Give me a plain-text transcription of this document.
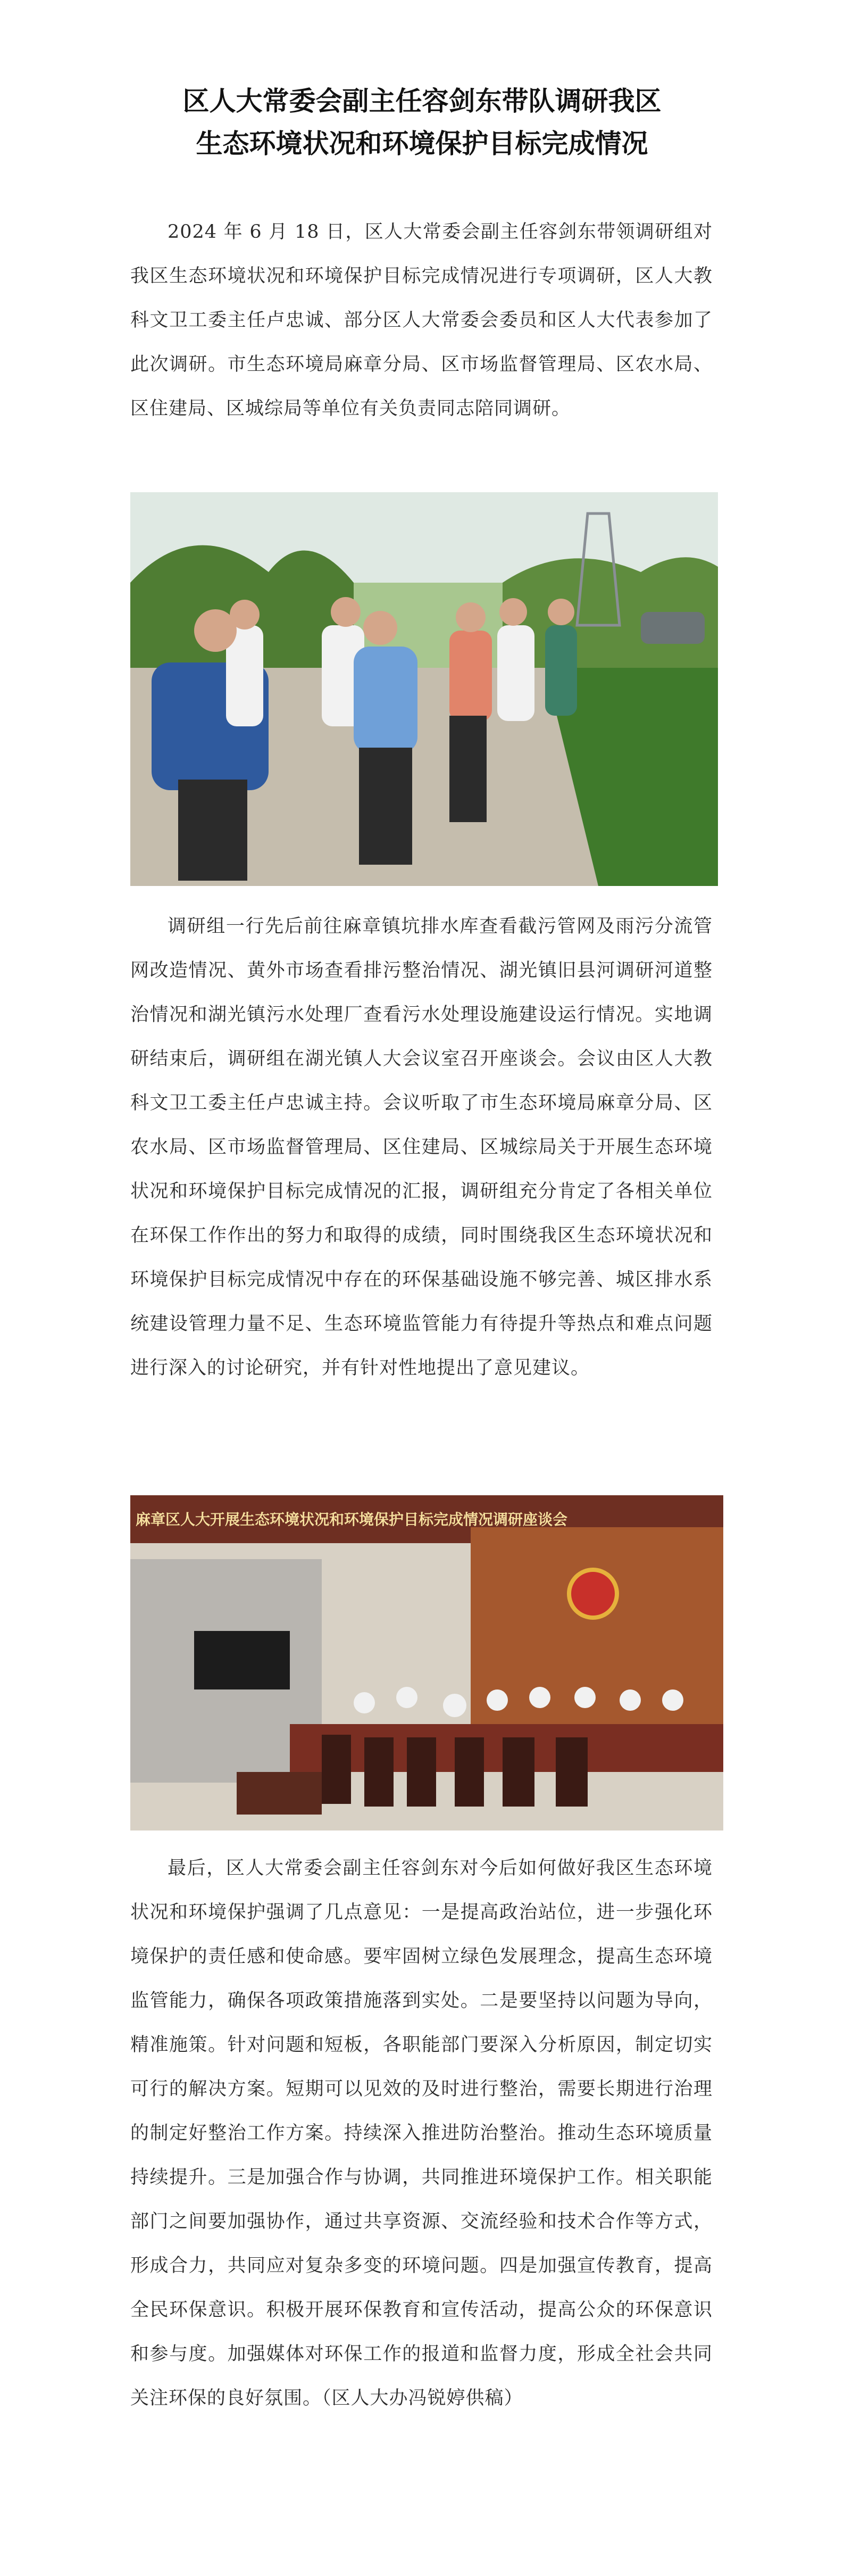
区人大常委会副主任容剑东带队调研我区
生态环境状况和环境保护目标完成情况

2024 年 6 月 18 日，区人大常委会副主任容剑东带领调研组对我区生态环境状况和环境保护目标完成情况进行专项调研，区人大教科文卫工委主任卢忠诚、部分区人大常委会委员和区人大代表参加了此次调研。市生态环境局麻章分局、区市场监督管理局、区农水局、区住建局、区城综局等单位有关负责同志陪同调研。

调研组一行先后前往麻章镇坑排水库查看截污管网及雨污分流管网改造情况、黄外市场查看排污整治情况、湖光镇旧县河调研河道整治情况和湖光镇污水处理厂查看污水处理设施建设运行情况。实地调研结束后，调研组在湖光镇人大会议室召开座谈会。会议由区人大教科文卫工委主任卢忠诚主持。会议听取了市生态环境局麻章分局、区农水局、区市场监督管理局、区住建局、区城综局关于开展生态环境状况和环境保护目标完成情况的汇报，调研组充分肯定了各相关单位在环保工作作出的努力和取得的成绩，同时围绕我区生态环境状况和环境保护目标完成情况中存在的环保基础设施不够完善、城区排水系统建设管理力量不足、生态环境监管能力有待提升等热点和难点问题进行深入的讨论研究，并有针对性地提出了意见建议。

麻章区人大开展生态环境状况和环境保护目标完成情况调研座谈会

最后，区人大常委会副主任容剑东对今后如何做好我区生态环境状况和环境保护强调了几点意见：一是提高政治站位，进一步强化环境保护的责任感和使命感。要牢固树立绿色发展理念，提高生态环境监管能力，确保各项政策措施落到实处。二是要坚持以问题为导向，精准施策。针对问题和短板，各职能部门要深入分析原因，制定切实可行的解决方案。短期可以见效的及时进行整治，需要长期进行治理的制定好整治工作方案。持续深入推进防治整治。推动生态环境质量持续提升。三是加强合作与协调，共同推进环境保护工作。相关职能部门之间要加强协作，通过共享资源、交流经验和技术合作等方式，形成合力，共同应对复杂多变的环境问题。四是加强宣传教育，提高全民环保意识。积极开展环保教育和宣传活动，提高公众的环保意识和参与度。加强媒体对环保工作的报道和监督力度，形成全社会共同关注环保的良好氛围。（区人大办冯锐婷供稿）
